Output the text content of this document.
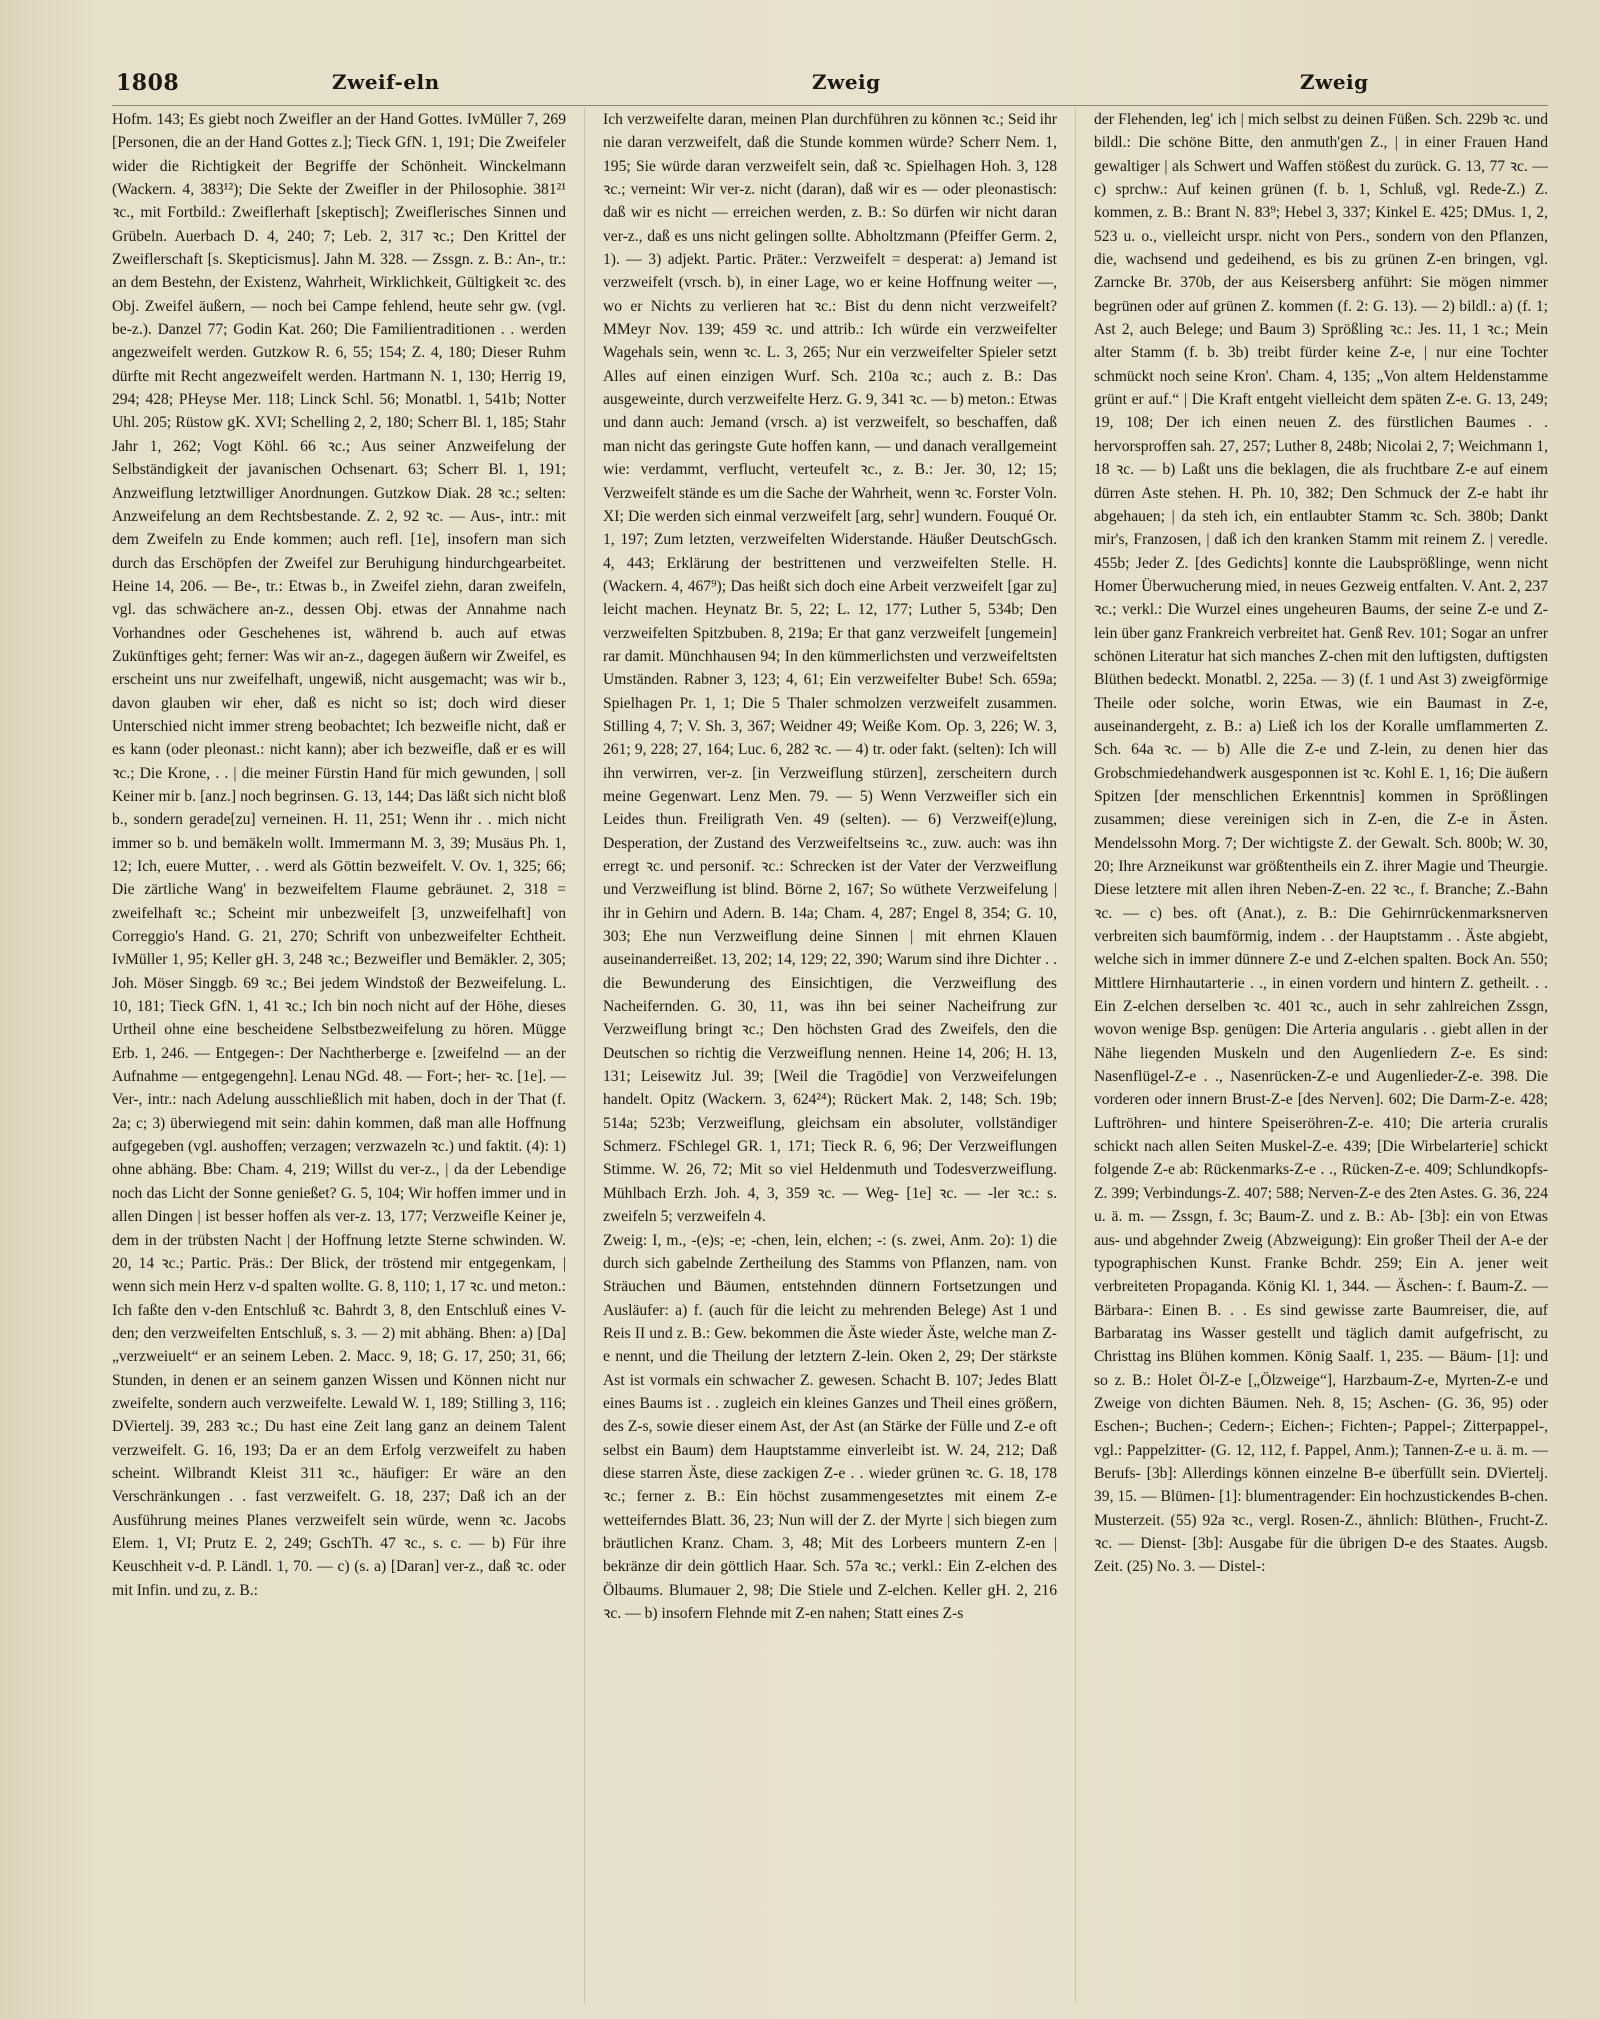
1808	Zweif-eln	Zweig	Zweig

Hofm. 143; Es giebt noch Zweifler an der Hand Gottes. IvMüller 7, 269 [Personen, die an der Hand Gottes z.]; Tieck GfN. 1, 191; Die Zweifeler wider die Richtigkeit der Begriffe der Schönheit. Winckelmann (Wackern. 4, 383¹²); Die Sekte der Zweifler in der Philosophie. 381²¹ ꝛc., mit Fortbild.: Zweiflerhaft [skeptisch]; Zweiflerisches Sinnen und Grübeln. Auerbach D. 4, 240; 7; Leb. 2, 317 ꝛc.; Den Krittel der Zweiflerschaft [s. Skepticismus]. Jahn M. 328. — Zssgn. z. B.: An-, tr.: an dem Bestehn, der Existenz, Wahrheit, Wirklichkeit, Gültigkeit ꝛc. des Obj. Zweifel äußern, — noch bei Campe fehlend, heute sehr gw. (vgl. be-z.). Danzel 77; Godin Kat. 260; Die Familientraditionen . . werden angezweifelt werden. Gutzkow R. 6, 55; 154; Z. 4, 180; Dieser Ruhm dürfte mit Recht angezweifelt werden. Hartmann N. 1, 130; Herrig 19, 294; 428; PHeyse Mer. 118; Linck Schl. 56; Monatbl. 1, 541b; Notter Uhl. 205; Rüstow gK. XVI; Schelling 2, 2, 180; Scherr Bl. 1, 185; Stahr Jahr 1, 262; Vogt Köhl. 66 ꝛc.; Aus seiner Anzweifelung der Selbständigkeit der javanischen Ochsenart. 63; Scherr Bl. 1, 191; Anzweiflung letztwilliger Anordnungen. Gutzkow Diak. 28 ꝛc.; selten: Anzweifelung an dem Rechtsbestande. Z. 2, 92 ꝛc. — Aus-, intr.: mit dem Zweifeln zu Ende kommen; auch refl. [1e], insofern man sich durch das Erschöpfen der Zweifel zur Beruhigung hindurchgearbeitet. Heine 14, 206. — Be-, tr.: Etwas b., in Zweifel ziehn, daran zweifeln, vgl. das schwächere an-z., dessen Obj. etwas der Annahme nach Vorhandnes oder Geschehenes ist, während b. auch auf etwas Zukünftiges geht; ferner: Was wir an-z., dagegen äußern wir Zweifel, es erscheint uns nur zweifelhaft, ungewiß, nicht ausgemacht; was wir b., davon glauben wir eher, daß es nicht so ist; doch wird dieser Unterschied nicht immer streng beobachtet; Ich bezweifle nicht, daß er es kann (oder pleonast.: nicht kann); aber ich bezweifle, daß er es will ꝛc.; Die Krone, . . | die meiner Fürstin Hand für mich gewunden, | soll Keiner mir b. [anz.] noch begrinsen. G. 13, 144; Das läßt sich nicht bloß b., sondern gerade[zu] verneinen. H. 11, 251; Wenn ihr . . mich nicht immer so b. und bemäkeln wollt. Immermann M. 3, 39; Musäus Ph. 1, 12; Ich, euere Mutter, . . werd als Göttin bezweifelt. V. Ov. 1, 325; 66; Die zärtliche Wang' in bezweifeltem Flaume gebräunet. 2, 318 = zweifelhaft ꝛc.; Scheint mir unbezweifelt [3, unzweifelhaft] von Correggio's Hand. G. 21, 270; Schrift von unbezweifelter Echtheit. IvMüller 1, 95; Keller gH. 3, 248 ꝛc.; Bezweifler und Bemäkler. 2, 305; Joh. Möser Singgb. 69 ꝛc.; Bei jedem Windstoß der Bezweifelung. L. 10, 181; Tieck GfN. 1, 41 ꝛc.; Ich bin noch nicht auf der Höhe, dieses Urtheil ohne eine bescheidene Selbstbezweifelung zu hören. Mügge Erb. 1, 246. — Entgegen-: Der Nachtherberge e. [zweifelnd — an der Aufnahme — entgegengehn]. Lenau NGd. 48. — Fort-; her- ꝛc. [1e]. — Ver-, intr.: nach Adelung ausschließlich mit haben, doch in der That (f. 2a; c; 3) überwiegend mit sein: dahin kommen, daß man alle Hoffnung aufgegeben (vgl. aushoffen; verzagen; verzwazeln ꝛc.) und faktit. (4): 1) ohne abhäng. Bbe: Cham. 4, 219; Willst du ver-z., | da der Lebendige noch das Licht der Sonne genießet? G. 5, 104; Wir hoffen immer und in allen Dingen | ist besser hoffen als ver-z. 13, 177; Verzweifle Keiner je, dem in der trübsten Nacht | der Hoffnung letzte Sterne schwinden. W. 20, 14 ꝛc.; Partic. Präs.: Der Blick, der tröstend mir entgegenkam, | wenn sich mein Herz v-d spalten wollte. G. 8, 110; 1, 17 ꝛc. und meton.: Ich faßte den v-den Entschluß ꝛc. Bahrdt 3, 8, den Entschluß eines V-den; den verzweifelten Entschluß, s. 3. — 2) mit abhäng. Bhen: a) [Da] „verzweiuelt“ er an seinem Leben. 2. Macc. 9, 18; G. 17, 250; 31, 66; Stunden, in denen er an seinem ganzen Wissen und Können nicht nur zweifelte, sondern auch verzweifelte. Lewald W. 1, 189; Stilling 3, 116; DViertelj. 39, 283 ꝛc.; Du hast eine Zeit lang ganz an deinem Talent verzweifelt. G. 16, 193; Da er an dem Erfolg verzweifelt zu haben scheint. Wilbrandt Kleist 311 ꝛc., häufiger: Er wäre an den Verschränkungen . . fast verzweifelt. G. 18, 237; Daß ich an der Ausführung meines Planes verzweifelt sein würde, wenn ꝛc. Jacobs Elem. 1, VI; Prutz E. 2, 249; GschTh. 47 ꝛc., s. c. — b) Für ihre Keuschheit v-d. P. Ländl. 1, 70. — c) (s. a) [Daran] ver-z., daß ꝛc. oder mit Infin. und zu, z. B.:

Ich verzweifelte daran, meinen Plan durchführen zu können ꝛc.; Seid ihr nie daran verzweifelt, daß die Stunde kommen würde? Scherr Nem. 1, 195; Sie würde daran verzweifelt sein, daß ꝛc. Spielhagen Hoh. 3, 128 ꝛc.; verneint: Wir ver-z. nicht (daran), daß wir es — oder pleonastisch: daß wir es nicht — erreichen werden, z. B.: So dürfen wir nicht daran ver-z., daß es uns nicht gelingen sollte. Abholtzmann (Pfeiffer Germ. 2, 1). — 3) adjekt. Partic. Präter.: Verzweifelt = desperat: a) Jemand ist verzweifelt (vrsch. b), in einer Lage, wo er keine Hoffnung weiter —, wo er Nichts zu verlieren hat ꝛc.: Bist du denn nicht verzweifelt? MMeyr Nov. 139; 459 ꝛc. und attrib.: Ich würde ein verzweifelter Wagehals sein, wenn ꝛc. L. 3, 265; Nur ein verzweifelter Spieler setzt Alles auf einen einzigen Wurf. Sch. 210a ꝛc.; auch z. B.: Das ausgeweinte, durch verzweifelte Herz. G. 9, 341 ꝛc. — b) meton.: Etwas und dann auch: Jemand (vrsch. a) ist verzweifelt, so beschaffen, daß man nicht das geringste Gute hoffen kann, — und danach verallgemeint wie: verdammt, verflucht, verteufelt ꝛc., z. B.: Jer. 30, 12; 15; Verzweifelt stände es um die Sache der Wahrheit, wenn ꝛc. Forster Voln. XI; Die werden sich einmal verzweifelt [arg, sehr] wundern. Fouqué Or. 1, 197; Zum letzten, verzweifelten Widerstande. Häußer DeutschGsch. 4, 443; Erklärung der bestrittenen und verzweifelten Stelle. H. (Wackern. 4, 467⁹); Das heißt sich doch eine Arbeit verzweifelt [gar zu] leicht machen. Heynatz Br. 5, 22; L. 12, 177; Luther 5, 534b; Den verzweifelten Spitzbuben. 8, 219a; Er that ganz verzweifelt [ungemein] rar damit. Münchhausen 94; In den kümmerlichsten und verzweifeltsten Umständen. Rabner 3, 123; 4, 61; Ein verzweifelter Bube! Sch. 659a; Spielhagen Pr. 1, 1; Die 5 Thaler schmolzen verzweifelt zusammen. Stilling 4, 7; V. Sh. 3, 367; Weidner 49; Weiße Kom. Op. 3, 226; W. 3, 261; 9, 228; 27, 164; Luc. 6, 282 ꝛc. — 4) tr. oder fakt. (selten): Ich will ihn verwirren, ver-z. [in Verzweiflung stürzen], zerscheitern durch meine Gegenwart. Lenz Men. 79. — 5) Wenn Verzweifler sich ein Leides thun. Freiligrath Ven. 49 (selten). — 6) Verzweif(e)lung, Desperation, der Zustand des Verzweifeltseins ꝛc., zuw. auch: was ihn erregt ꝛc. und personif. ꝛc.: Schrecken ist der Vater der Verzweiflung und Verzweiflung ist blind. Börne 2, 167; So wüthete Verzweifelung | ihr in Gehirn und Adern. B. 14a; Cham. 4, 287; Engel 8, 354; G. 10, 303; Ehe nun Verzweiflung deine Sinnen | mit ehrnen Klauen auseinanderreißet. 13, 202; 14, 129; 22, 390; Warum sind ihre Dichter . . die Bewunderung des Einsichtigen, die Verzweiflung des Nacheifernden. G. 30, 11, was ihn bei seiner Nacheifrung zur Verzweiflung bringt ꝛc.; Den höchsten Grad des Zweifels, den die Deutschen so richtig die Verzweiflung nennen. Heine 14, 206; H. 13, 131; Leisewitz Jul. 39; [Weil die Tragödie] von Verzweifelungen handelt. Opitz (Wackern. 3, 624²⁴); Rückert Mak. 2, 148; Sch. 19b; 514a; 523b; Verzweiflung, gleichsam ein absoluter, vollständiger Schmerz. FSchlegel GR. 1, 171; Tieck R. 6, 96; Der Verzweiflungen Stimme. W. 26, 72; Mit so viel Heldenmuth und Todesverzweiflung. Mühlbach Erzh. Joh. 4, 3, 359 ꝛc. — Weg- [1e] ꝛc. — -ler ꝛc.: s. zweifeln 5; verzweifeln 4.

Zweig: I, m., -(e)s; -e; -chen, lein, elchen; -: (s. zwei, Anm. 2o): 1) die durch sich gabelnde Zertheilung des Stamms von Pflanzen, nam. von Sträuchen und Bäumen, entstehnden dünnern Fortsetzungen und Ausläufer: a) f. (auch für die leicht zu mehrenden Belege) Ast 1 und Reis II und z. B.: Gew. bekommen die Äste wieder Äste, welche man Z-e nennt, und die Theilung der letztern Z-lein. Oken 2, 29; Der stärkste Ast ist vormals ein schwacher Z. gewesen. Schacht B. 107; Jedes Blatt eines Baums ist . . zugleich ein kleines Ganzes und Theil eines größern, des Z-s, sowie dieser einem Ast, der Ast (an Stärke der Fülle und Z-e oft selbst ein Baum) dem Hauptstamme einverleibt ist. W. 24, 212; Daß diese starren Äste, diese zackigen Z-e . . wieder grünen ꝛc. G. 18, 178 ꝛc.; ferner z. B.: Ein höchst zusammengesetztes mit einem Z-e wetteiferndes Blatt. 36, 23; Nun will der Z. der Myrte | sich biegen zum bräutlichen Kranz. Cham. 3, 48; Mit des Lorbeers muntern Z-en | bekränze dir dein göttlich Haar. Sch. 57a ꝛc.; verkl.: Ein Z-elchen des Ölbaums. Blumauer 2, 98; Die Stiele und Z-elchen. Keller gH. 2, 216 ꝛc. — b) insofern Flehnde mit Z-en nahen; Statt eines Z-s

der Flehenden, leg' ich | mich selbst zu deinen Füßen. Sch. 229b ꝛc. und bildl.: Die schöne Bitte, den anmuth'gen Z., | in einer Frauen Hand gewaltiger | als Schwert und Waffen stößest du zurück. G. 13, 77 ꝛc. — c) sprchw.: Auf keinen grünen (f. b. 1, Schluß, vgl. Rede-Z.) Z. kommen, z. B.: Brant N. 83⁹; Hebel 3, 337; Kinkel E. 425; DMus. 1, 2, 523 u. o., vielleicht urspr. nicht von Pers., sondern von den Pflanzen, die, wachsend und gedeihend, es bis zu grünen Z-en bringen, vgl. Zarncke Br. 370b, der aus Keisersberg anführt: Sie mögen nimmer begrünen oder auf grünen Z. kommen (f. 2: G. 13). — 2) bildl.: a) (f. 1; Ast 2, auch Belege; und Baum 3) Sprößling ꝛc.: Jes. 11, 1 ꝛc.; Mein alter Stamm (f. b. 3b) treibt fürder keine Z-e, | nur eine Tochter schmückt noch seine Kron'. Cham. 4, 135; „Von altem Heldenstamme grünt er auf.“ | Die Kraft entgeht vielleicht dem späten Z-e. G. 13, 249; 19, 108; Der ich einen neuen Z. des fürstlichen Baumes . . hervorsproffen sah. 27, 257; Luther 8, 248b; Nicolai 2, 7; Weichmann 1, 18 ꝛc. — b) Laßt uns die beklagen, die als fruchtbare Z-e auf einem dürren Aste stehen. H. Ph. 10, 382; Den Schmuck der Z-e habt ihr abgehauen; | da steh ich, ein entlaubter Stamm ꝛc. Sch. 380b; Dankt mir's, Franzosen, | daß ich den kranken Stamm mit reinem Z. | veredle. 455b; Jeder Z. [des Gedichts] konnte die Laubsprößlinge, wenn nicht Homer Überwucherung mied, in neues Gezweig entfalten. V. Ant. 2, 237 ꝛc.; verkl.: Die Wurzel eines ungeheuren Baums, der seine Z-e und Z-lein über ganz Frankreich verbreitet hat. Genß Rev. 101; Sogar an unfrer schönen Literatur hat sich manches Z-chen mit den luftigsten, duftigsten Blüthen bedeckt. Monatbl. 2, 225a. — 3) (f. 1 und Ast 3) zweigförmige Theile oder solche, worin Etwas, wie ein Baumast in Z-e, auseinandergeht, z. B.: a) Ließ ich los der Koralle umflammerten Z. Sch. 64a ꝛc. — b) Alle die Z-e und Z-lein, zu denen hier das Grobschmiedehandwerk ausgesponnen ist ꝛc. Kohl E. 1, 16; Die äußern Spitzen [der menschlichen Erkenntnis] kommen in Sprößlingen zusammen; diese vereinigen sich in Z-en, die Z-e in Ästen. Mendelssohn Morg. 7; Der wichtigste Z. der Gewalt. Sch. 800b; W. 30, 20; Ihre Arzneikunst war größtentheils ein Z. ihrer Magie und Theurgie. Diese letztere mit allen ihren Neben-Z-en. 22 ꝛc., f. Branche; Z.-Bahn ꝛc. — c) bes. oft (Anat.), z. B.: Die Gehirnrückenmarksnerven verbreiten sich baumförmig, indem . . der Hauptstamm . . Äste abgiebt, welche sich in immer dünnere Z-e und Z-elchen spalten. Bock An. 550; Mittlere Hirnhautarterie . ., in einen vordern und hintern Z. getheilt. . . Ein Z-elchen derselben ꝛc. 401 ꝛc., auch in sehr zahlreichen Zssgn, wovon wenige Bsp. genügen: Die Arteria angularis . . giebt allen in der Nähe liegenden Muskeln und den Augenliedern Z-e. Es sind: Nasenflügel-Z-e . ., Nasenrücken-Z-e und Augenlieder-Z-e. 398. Die vorderen oder innern Brust-Z-e [des Nerven]. 602; Die Darm-Z-e. 428; Luftröhren- und hintere Speiseröhren-Z-e. 410; Die arteria cruralis schickt nach allen Seiten Muskel-Z-e. 439; [Die Wirbelarterie] schickt folgende Z-e ab: Rückenmarks-Z-e . ., Rücken-Z-e. 409; Schlundkopfs-Z. 399; Verbindungs-Z. 407; 588; Nerven-Z-e des 2ten Astes. G. 36, 224 u. ä. m. — Zssgn, f. 3c; Baum-Z. und z. B.: Ab- [3b]: ein von Etwas aus- und abgehnder Zweig (Abzweigung): Ein großer Theil der A-e der typographischen Kunst. Franke Bchdr. 259; Ein A. jener weit verbreiteten Propaganda. König Kl. 1, 344. — Äschen-: f. Baum-Z. — Bärbara-: Einen B. . . Es sind gewisse zarte Baumreiser, die, auf Barbaratag ins Wasser gestellt und täglich damit aufgefrischt, zu Christtag ins Blühen kommen. König Saalf. 1, 235. — Bäum- [1]: und so z. B.: Holet Öl-Z-e [„Ölzweige“], Harzbaum-Z-e, Myrten-Z-e und Zweige von dichten Bäumen. Neh. 8, 15; Aschen- (G. 36, 95) oder Eschen-; Buchen-; Cedern-; Eichen-; Fichten-; Pappel-; Zitterpappel-, vgl.: Pappelzitter- (G. 12, 112, f. Pappel, Anm.); Tannen-Z-e u. ä. m. — Berufs- [3b]: Allerdings können einzelne B-e überfüllt sein. DViertelj. 39, 15. — Blümen- [1]: blumentragender: Ein hochzustickendes B-chen. Musterzeit. (55) 92a ꝛc., vergl. Rosen-Z., ähnlich: Blüthen-, Frucht-Z. ꝛc. — Dienst- [3b]: Ausgabe für die übrigen D-e des Staates. Augsb. Zeit. (25) No. 3. — Distel-:
